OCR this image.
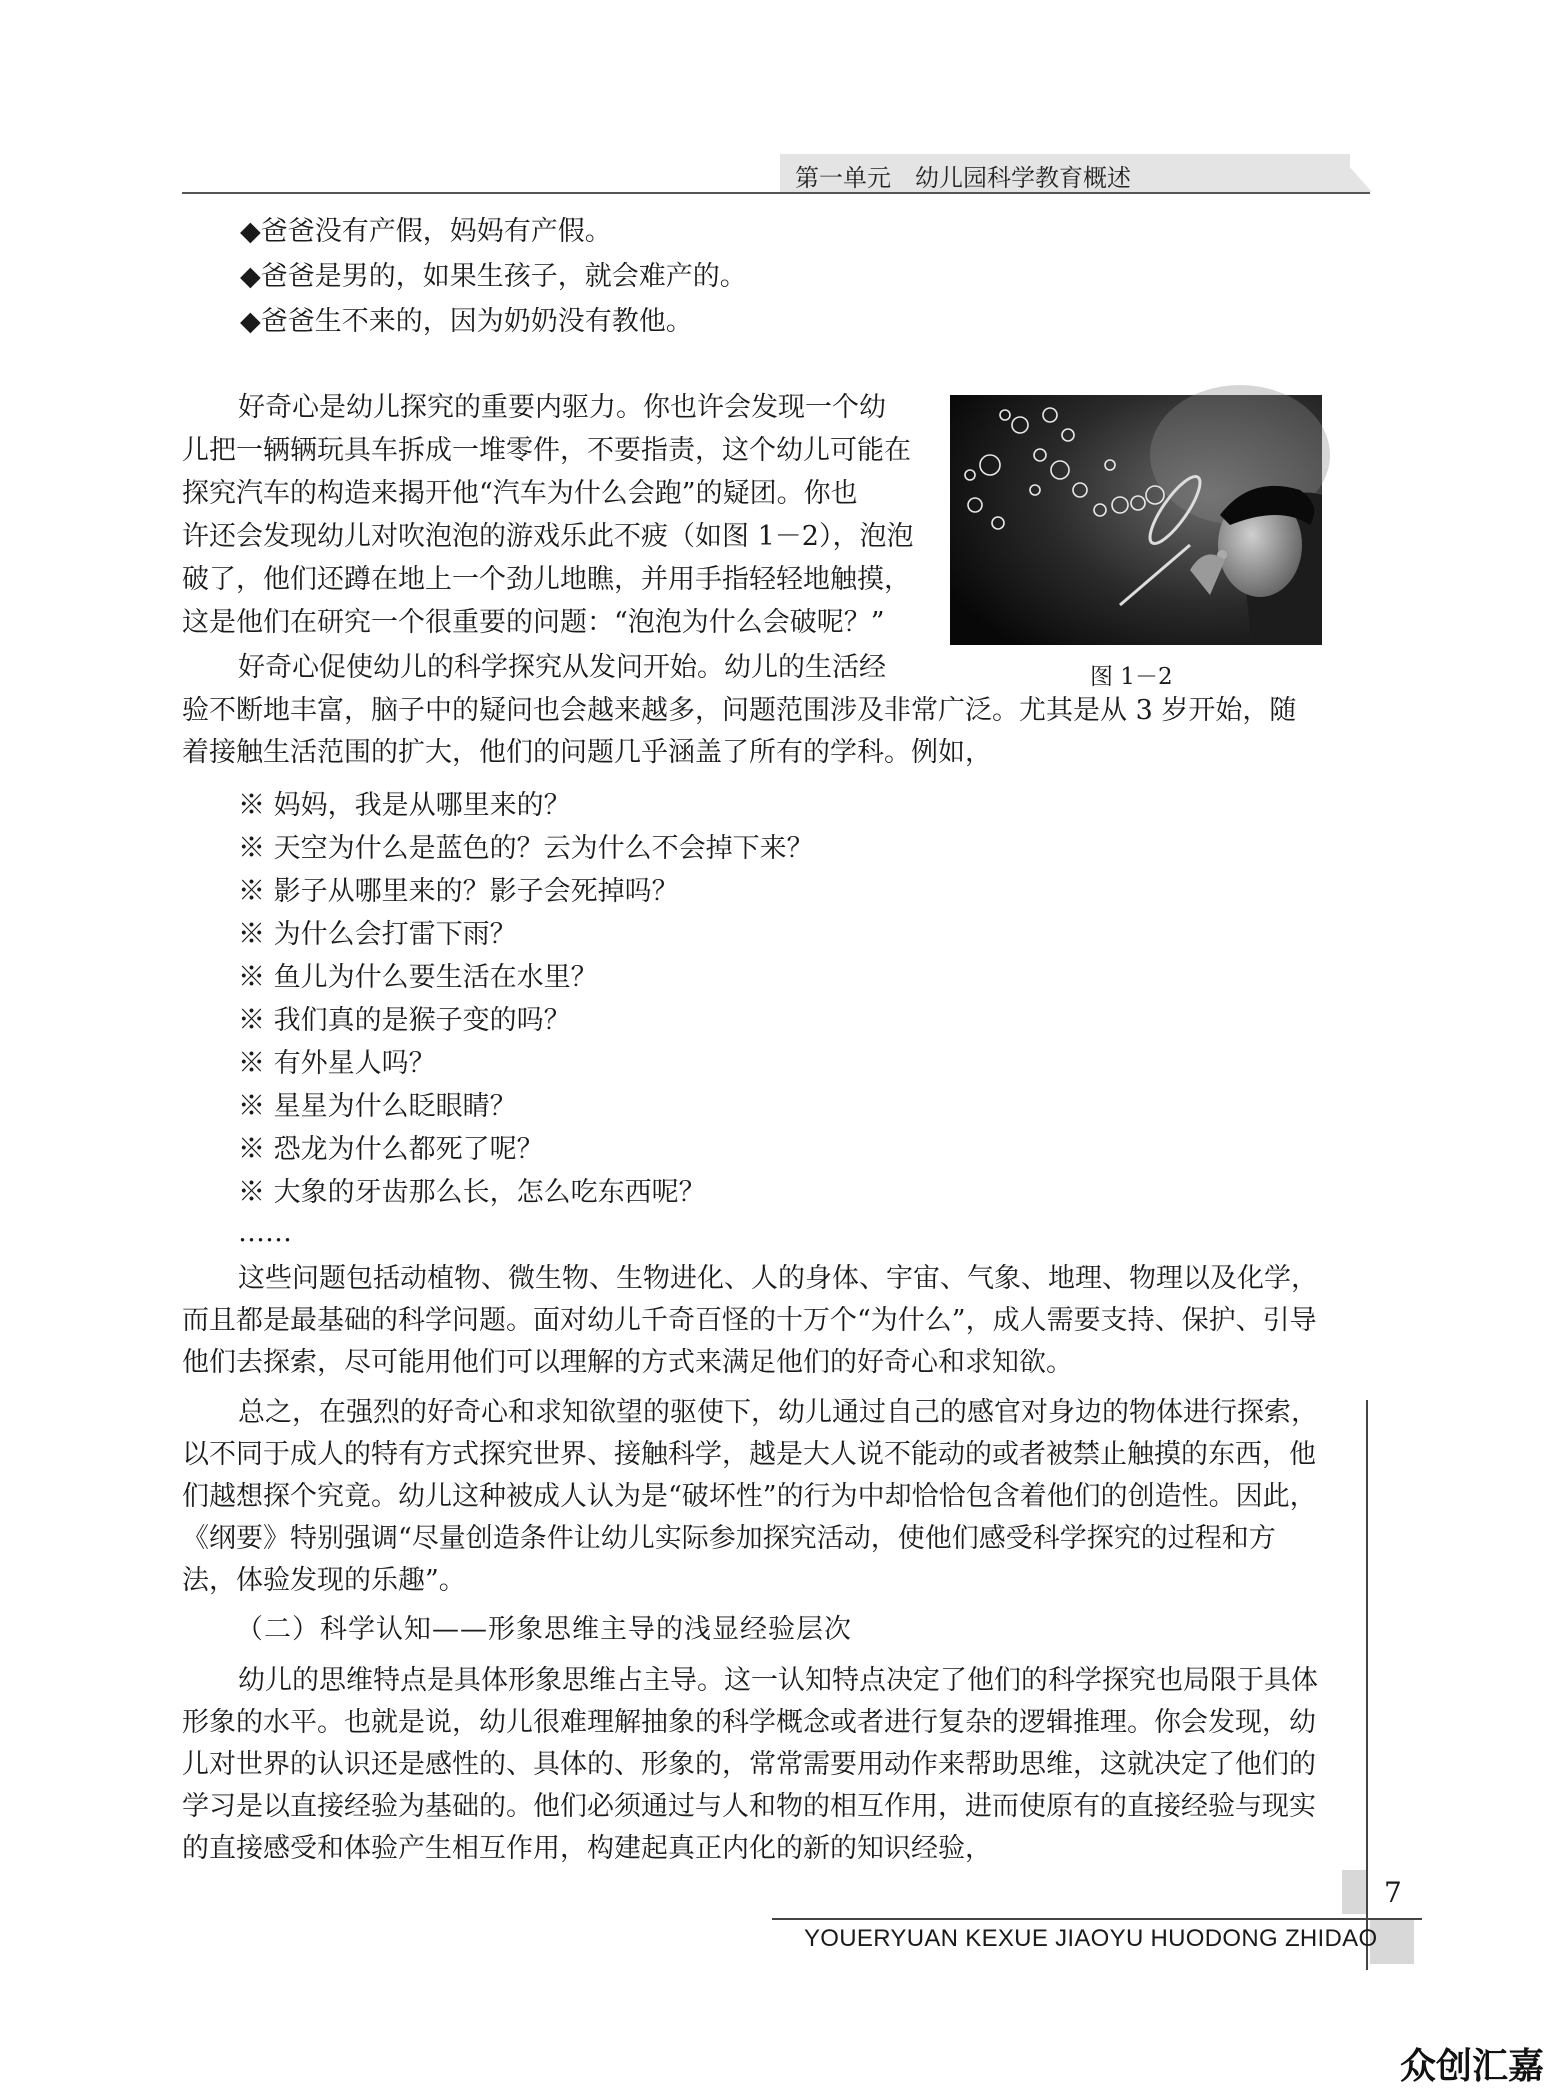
第一单元　幼儿园科学教育概述
◆爸爸没有产假，妈妈有产假。
◆爸爸是男的，如果生孩子，就会难产的。
◆爸爸生不来的，因为奶奶没有教他。
好奇心是幼儿探究的重要内驱力。你也许会发现一个幼
儿把一辆辆玩具车拆成一堆零件，不要指责，这个幼儿可能在
探究汽车的构造来揭开他“汽车为什么会跑”的疑团。你也
许还会发现幼儿对吹泡泡的游戏乐此不疲（如图 1－2），泡泡
破了，他们还蹲在地上一个劲儿地瞧，并用手指轻轻地触摸，
这是他们在研究一个很重要的问题：“泡泡为什么会破呢？”
好奇心促使幼儿的科学探究从发问开始。幼儿的生活经	图 1－2
验不断地丰富，脑子中的疑问也会越来越多，问题范围涉及非常广泛。尤其是从 3 岁开始，随着接触生活范围的扩大，他们的问题几乎涵盖了所有的学科。例如，
※ 妈妈，我是从哪里来的？
※ 天空为什么是蓝色的？云为什么不会掉下来？
※ 影子从哪里来的？影子会死掉吗？
※ 为什么会打雷下雨？
※ 鱼儿为什么要生活在水里？
※ 我们真的是猴子变的吗？
※ 有外星人吗？
※ 星星为什么眨眼睛？
※ 恐龙为什么都死了呢？
※ 大象的牙齿那么长，怎么吃东西呢？
……
这些问题包括动植物、微生物、生物进化、人的身体、宇宙、气象、地理、物理以及化学，而且都是最基础的科学问题。面对幼儿千奇百怪的十万个“为什么”，成人需要支持、保护、引导他们去探索，尽可能用他们可以理解的方式来满足他们的好奇心和求知欲。
总之，在强烈的好奇心和求知欲望的驱使下，幼儿通过自己的感官对身边的物体进行探索，以不同于成人的特有方式探究世界、接触科学，越是大人说不能动的或者被禁止触摸的东西，他们越想探个究竟。幼儿这种被成人认为是“破坏性”的行为中却恰恰包含着他们的创造性。因此，《纲要》特别强调“尽量创造条件让幼儿实际参加探究活动，使他们感受科学探究的过程和方法，体验发现的乐趣”。
（二）科学认知——形象思维主导的浅显经验层次
幼儿的思维特点是具体形象思维占主导。这一认知特点决定了他们的科学探究也局限于具体形象的水平。也就是说，幼儿很难理解抽象的科学概念或者进行复杂的逻辑推理。你会发现，幼儿对世界的认识还是感性的、具体的、形象的，常常需要用动作来帮助思维，这就决定了他们的学习是以直接经验为基础的。他们必须通过与人和物的相互作用，进而使原有的直接经验与现实的直接感受和体验产生相互作用，构建起真正内化的新的知识经验，
7
YOUERYUAN KEXUE JIAOYU HUODONG ZHIDAO
众创汇嘉
